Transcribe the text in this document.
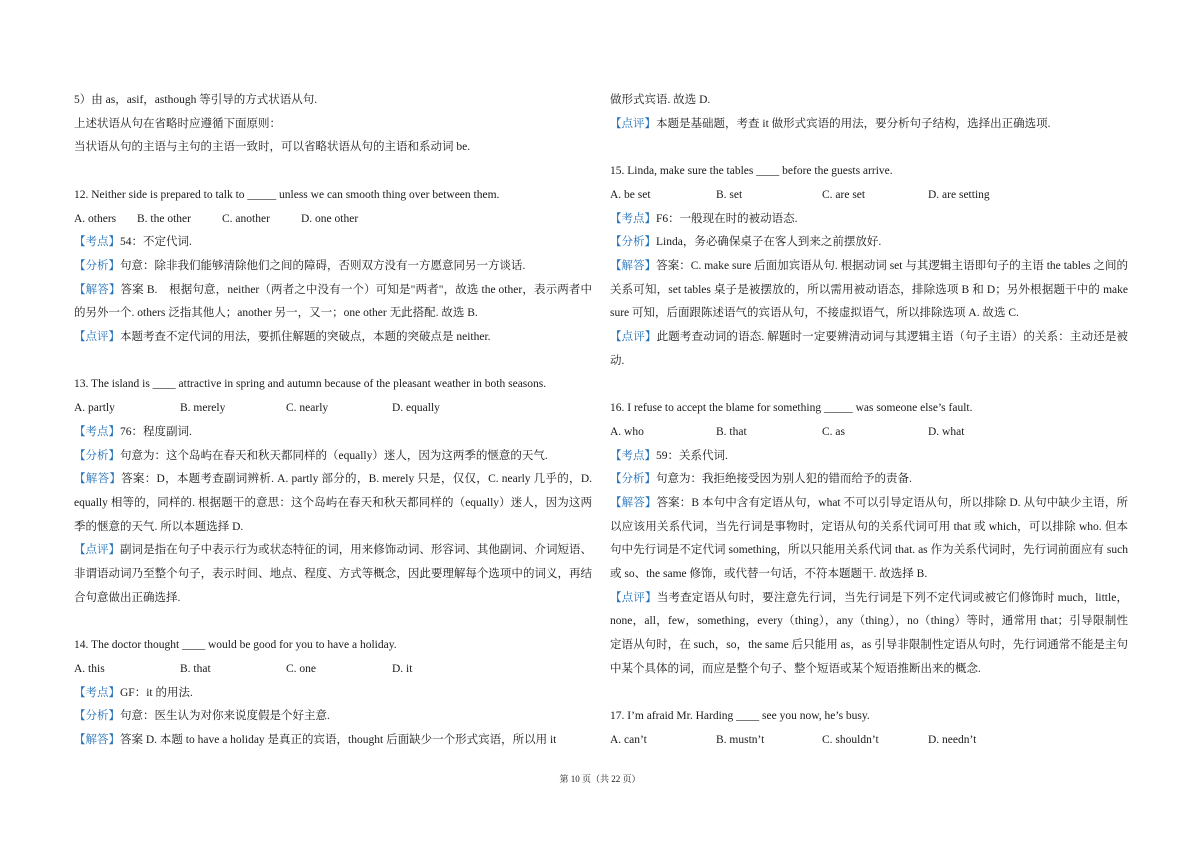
5）由 as，asif，asthough 等引导的方式状语从句.

上述状语从句在省略时应遵循下面原则：

当状语从句的主语与主句的主语一致时，可以省略状语从句的主语和系动词 be.

12. Neither side is prepared to talk to _____ unless we can smooth thing over between them.

A. others	B. the other	C. another	D. one other

【考点】54：不定代词.

【分析】句意：除非我们能够清除他们之间的障碍，否则双方没有一方愿意同另一方谈话.

【解答】答案 B.　根据句意，neither（两者之中没有一个）可知是"两者"，故选 the other，表示两者中的另外一个. others 泛指其他人；another 另一，又一；one other 无此搭配. 故选 B.

【点评】本题考查不定代词的用法，要抓住解题的突破点，本题的突破点是 neither.

13. The island is ____ attractive in spring and autumn because of the pleasant weather in both seasons.

A. partly	B. merely	C. nearly	D. equally

【考点】76：程度副词.

【分析】句意为：这个岛屿在春天和秋天都同样的（equally）迷人，因为这两季的惬意的天气.

【解答】答案：D，本题考查副词辨析. A. partly 部分的，B. merely 只是，仅仅，C. nearly 几乎的，D. equally 相等的，同样的. 根据题干的意思：这个岛屿在春天和秋天都同样的（equally）迷人，因为这两季的惬意的天气. 所以本题选择 D.

【点评】副词是指在句子中表示行为或状态特征的词，用来修饰动词、形容词、其他副词、介词短语、非谓语动词乃至整个句子，表示时间、地点、程度、方式等概念，因此要理解每个选项中的词义，再结合句意做出正确选择.

14. The doctor thought ____ would be good for you to have a holiday.

A. this	B. that	C. one	D. it

【考点】GF：it 的用法.

【分析】句意：医生认为对你来说度假是个好主意.

【解答】答案 D. 本题 to have a holiday 是真正的宾语，thought 后面缺少一个形式宾语，所以用 it

做形式宾语. 故选 D.

【点评】本题是基础题，考查 it 做形式宾语的用法，要分析句子结构，选择出正确选项.

15. Linda, make sure the tables ____ before the guests arrive.

A. be set	B. set	C. are set	D. are setting

【考点】F6：一般现在时的被动语态.

【分析】Linda，务必确保桌子在客人到来之前摆放好.

【解答】答案：C. make sure 后面加宾语从句. 根据动词 set 与其逻辑主语即句子的主语 the tables 之间的关系可知，set tables 桌子是被摆放的，所以需用被动语态，排除选项 B 和 D；另外根据题干中的 make sure 可知，后面跟陈述语气的宾语从句，不接虚拟语气，所以排除选项 A. 故选 C.

【点评】此题考查动词的语态. 解题时一定要辨清动词与其逻辑主语（句子主语）的关系：主动还是被动.

16. I refuse to accept the blame for something _____ was someone else’s fault.

A. who	B. that	C. as	D. what

【考点】59：关系代词.

【分析】句意为：我拒绝接受因为别人犯的错而给予的责备.

【解答】答案：B 本句中含有定语从句，what 不可以引导定语从句，所以排除 D. 从句中缺少主语，所以应该用关系代词，当先行词是事物时，定语从句的关系代词可用 that 或 which，可以排除 who. 但本句中先行词是不定代词 something，所以只能用关系代词 that. as 作为关系代词时，先行词前面应有 such 或 so、the same 修饰，或代替一句话，不符本题题干. 故选择 B.

【点评】当考查定语从句时，要注意先行词，当先行词是下列不定代词或被它们修饰时 much，little，none，all，few，something，every（thing），any（thing），no（thing）等时，通常用 that；引导限制性定语从句时，在 such，so，the same 后只能用 as，as 引导非限制性定语从句时，先行词通常不能是主句中某个具体的词，而应是整个句子、整个短语或某个短语推断出来的概念.

17. I’m afraid Mr. Harding ____ see you now, he’s busy.

A. can’t	B. mustn’t	C. shouldn’t	D. needn’t
第 10 页（共 22 页）
